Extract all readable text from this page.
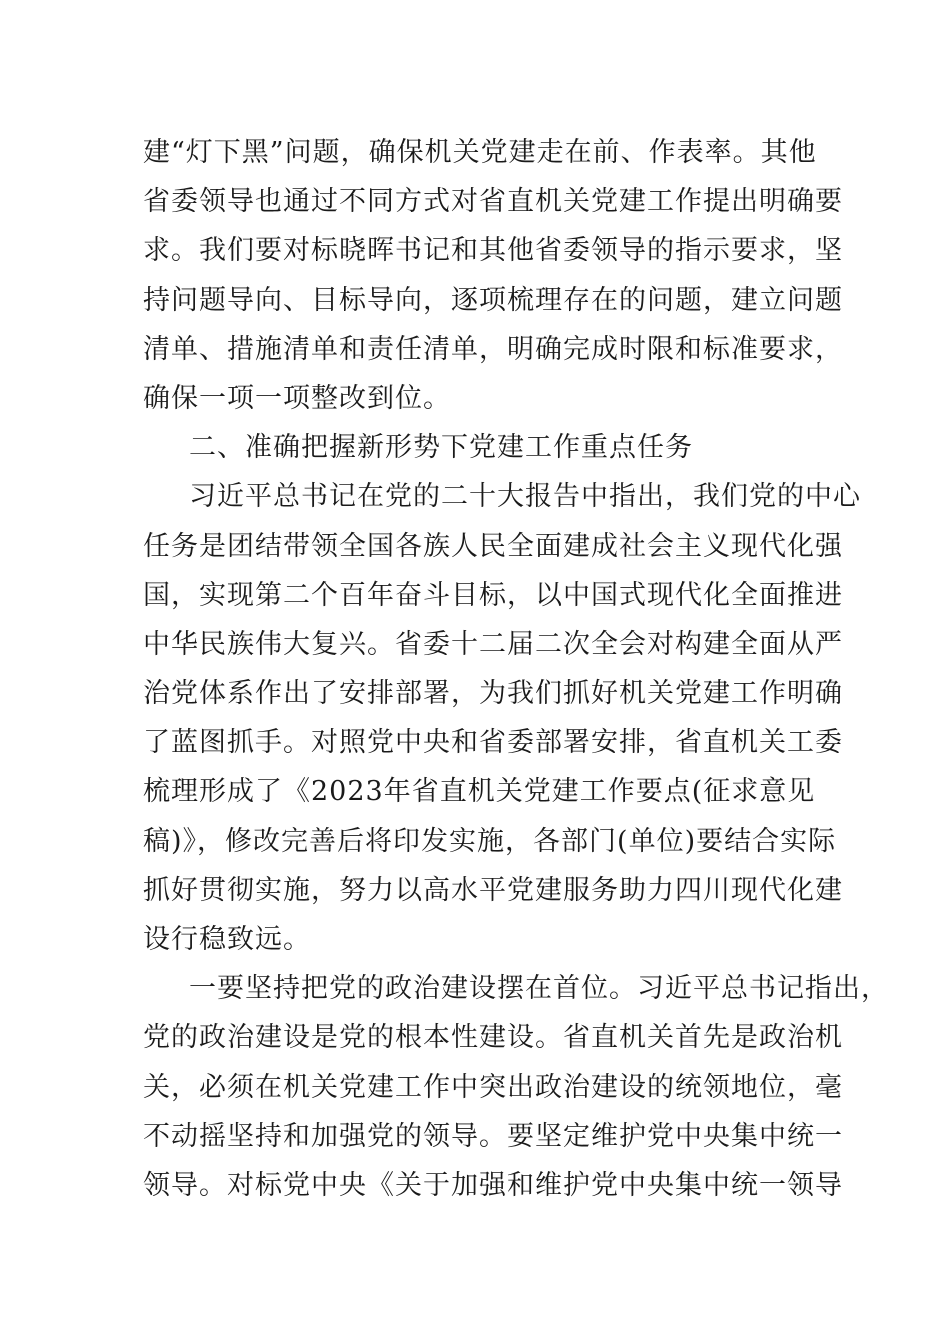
建“灯下黑”问题，确保机关党建走在前、作表率。其他
省委领导也通过不同方式对省直机关党建工作提出明确要
求。我们要对标晓晖书记和其他省委领导的指示要求，坚
持问题导向、目标导向，逐项梳理存在的问题，建立问题
清单、措施清单和责任清单，明确完成时限和标准要求，
确保一项一项整改到位。
二、准确把握新形势下党建工作重点任务
习近平总书记在党的二十大报告中指出，我们党的中心
任务是团结带领全国各族人民全面建成社会主义现代化强
国，实现第二个百年奋斗目标，以中国式现代化全面推进
中华民族伟大复兴。省委十二届二次全会对构建全面从严
治党体系作出了安排部署，为我们抓好机关党建工作明确
了蓝图抓手。对照党中央和省委部署安排，省直机关工委
梳理形成了《2023年省直机关党建工作要点(征求意见
稿)》，修改完善后将印发实施，各部门(单位)要结合实际
抓好贯彻实施，努力以高水平党建服务助力四川现代化建
设行稳致远。
一要坚持把党的政治建设摆在首位。习近平总书记指出，
党的政治建设是党的根本性建设。省直机关首先是政治机
关，必须在机关党建工作中突出政治建设的统领地位，毫
不动摇坚持和加强党的领导。要坚定维护党中央集中统一
领导。对标党中央《关于加强和维护党中央集中统一领导
